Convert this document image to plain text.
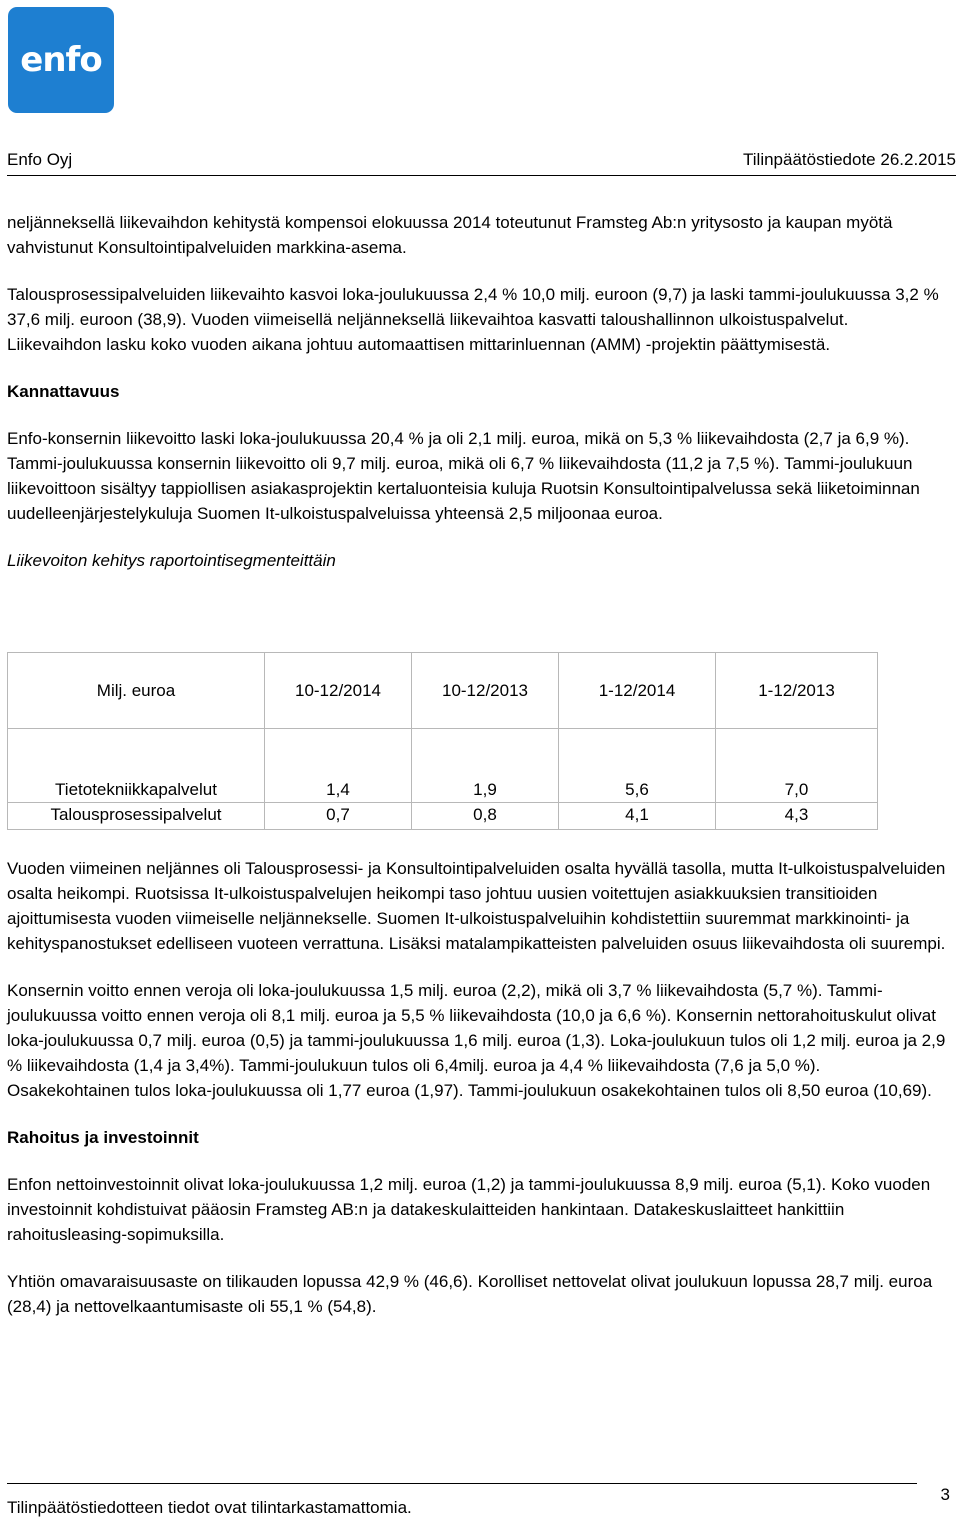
enfo
Enfo Oyj	Tilinpäätöstiedote 26.2.2015

neljänneksellä liikevaihdon kehitystä kompensoi elokuussa 2014 toteutunut Framsteg Ab:n yritysosto ja kaupan myötä vahvistunut Konsultointipalveluiden markkina-asema.

Talousprosessipalveluiden liikevaihto kasvoi loka-joulukuussa 2,4 % 10,0 milj. euroon (9,7) ja laski tammi-joulukuussa 3,2 % 37,6 milj. euroon (38,9). Vuoden viimeisellä neljänneksellä liikevaihtoa kasvatti taloushallinnon ulkoistuspalvelut. Liikevaihdon lasku koko vuoden aikana johtuu automaattisen mittarinluennan (AMM) -projektin päättymisestä.

Kannattavuus

Enfo-konsernin liikevoitto laski loka-joulukuussa 20,4 % ja oli 2,1 milj. euroa, mikä on 5,3 % liikevaihdosta (2,7 ja 6,9 %). Tammi-joulukuussa konsernin liikevoitto oli 9,7 milj. euroa, mikä oli 6,7 % liikevaihdosta (11,2 ja 7,5 %). Tammi-joulukuun liikevoittoon sisältyy tappiollisen asiakasprojektin kertaluonteisia kuluja Ruotsin Konsultointipalvelussa sekä liiketoiminnan uudelleenjärjestelykuluja Suomen It-ulkoistuspalveluissa yhteensä 2,5 miljoonaa euroa.

Liikevoiton kehitys raportointisegmenteittäin

Milj. euroa	10-12/2014	10-12/2013	1-12/2014	1-12/2013
Tietotekniikkapalvelut	1,4	1,9	5,6	7,0
Talousprosessipalvelut	0,7	0,8	4,1	4,3

Vuoden viimeinen neljännes oli Talousprosessi- ja Konsultointipalveluiden osalta hyvällä tasolla, mutta It-ulkoistuspalveluiden osalta heikompi. Ruotsissa It-ulkoistuspalvelujen heikompi taso johtuu uusien voitettujen asiakkuuksien transitioiden ajoittumisesta vuoden viimeiselle neljännekselle. Suomen It-ulkoistuspalveluihin kohdistettiin suuremmat markkinointi- ja kehityspanostukset edelliseen vuoteen verrattuna. Lisäksi matalampikatteisten palveluiden osuus liikevaihdosta oli suurempi.

Konsernin voitto ennen veroja oli loka-joulukuussa 1,5 milj. euroa (2,2), mikä oli 3,7 % liikevaihdosta (5,7 %). Tammi-joulukuussa voitto ennen veroja oli 8,1 milj. euroa ja 5,5 % liikevaihdosta (10,0 ja 6,6 %). Konsernin nettorahoituskulut olivat loka-joulukuussa 0,7 milj. euroa (0,5) ja tammi-joulukuussa 1,6 milj. euroa (1,3). Loka-joulukuun tulos oli 1,2 milj. euroa ja 2,9 % liikevaihdosta (1,4 ja 3,4%). Tammi-joulukuun tulos oli 6,4milj. euroa ja 4,4 % liikevaihdosta (7,6 ja 5,0 %). Osakekohtainen tulos loka-joulukuussa oli 1,77 euroa (1,97). Tammi-joulukuun osakekohtainen tulos oli 8,50 euroa (10,69).

Rahoitus ja investoinnit

Enfon nettoinvestoinnit olivat loka-joulukuussa 1,2 milj. euroa (1,2) ja tammi-joulukuussa 8,9 milj. euroa (5,1). Koko vuoden investoinnit kohdistuivat pääosin Framsteg AB:n ja datakeskulaitteiden hankintaan. Datakeskuslaitteet hankittiin rahoitusleasing-sopimuksilla.

Yhtiön omavaraisuusaste on tilikauden lopussa 42,9 % (46,6). Korolliset nettovelat olivat joulukuun lopussa 28,7 milj. euroa (28,4) ja nettovelkaantumisaste oli 55,1 % (54,8).

Tilinpäätöstiedotteen tiedot ovat tilintarkastamattomia.
3
